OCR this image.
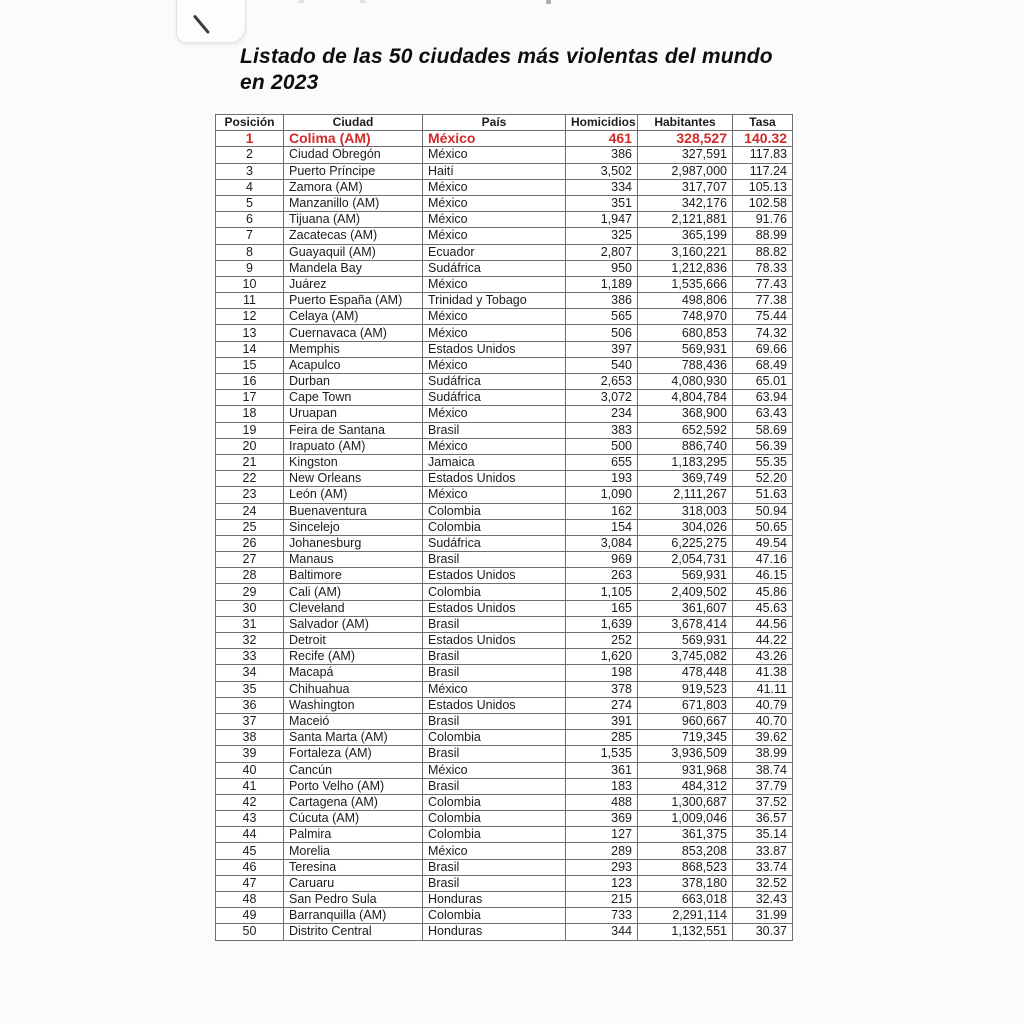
Listado de las 50 ciudades más violentas del mundo
en 2023
Posición	Ciudad	País	Homicidios	Habitantes	Tasa
1	Colima (AM)	México	461	328,527	140.32
2	Ciudad Obregón	México	386	327,591	117.83
3	Puerto Príncipe	Haití	3,502	2,987,000	117.24
4	Zamora (AM)	México	334	317,707	105.13
5	Manzanillo (AM)	México	351	342,176	102.58
6	Tijuana (AM)	México	1,947	2,121,881	91.76
7	Zacatecas (AM)	México	325	365,199	88.99
8	Guayaquil (AM)	Ecuador	2,807	3,160,221	88.82
9	Mandela Bay	Sudáfrica	950	1,212,836	78.33
10	Juárez	México	1,189	1,535,666	77.43
11	Puerto España (AM)	Trinidad y Tobago	386	498,806	77.38
12	Celaya (AM)	México	565	748,970	75.44
13	Cuernavaca (AM)	México	506	680,853	74.32
14	Memphis	Estados Unidos	397	569,931	69.66
15	Acapulco	México	540	788,436	68.49
16	Durban	Sudáfrica	2,653	4,080,930	65.01
17	Cape Town	Sudáfrica	3,072	4,804,784	63.94
18	Uruapan	México	234	368,900	63.43
19	Feira de Santana	Brasil	383	652,592	58.69
20	Irapuato (AM)	México	500	886,740	56.39
21	Kingston	Jamaica	655	1,183,295	55.35
22	New Orleans	Estados Unidos	193	369,749	52.20
23	León (AM)	México	1,090	2,111,267	51.63
24	Buenaventura	Colombia	162	318,003	50.94
25	Sincelejo	Colombia	154	304,026	50.65
26	Johanesburg	Sudáfrica	3,084	6,225,275	49.54
27	Manaus	Brasil	969	2,054,731	47.16
28	Baltimore	Estados Unidos	263	569,931	46.15
29	Cali (AM)	Colombia	1,105	2,409,502	45.86
30	Cleveland	Estados Unidos	165	361,607	45.63
31	Salvador (AM)	Brasil	1,639	3,678,414	44.56
32	Detroit	Estados Unidos	252	569,931	44.22
33	Recife (AM)	Brasil	1,620	3,745,082	43.26
34	Macapá	Brasil	198	478,448	41.38
35	Chihuahua	México	378	919,523	41.11
36	Washington	Estados Unidos	274	671,803	40.79
37	Maceió	Brasil	391	960,667	40.70
38	Santa Marta (AM)	Colombia	285	719,345	39.62
39	Fortaleza (AM)	Brasil	1,535	3,936,509	38.99
40	Cancún	México	361	931,968	38.74
41	Porto Velho (AM)	Brasil	183	484,312	37.79
42	Cartagena (AM)	Colombia	488	1,300,687	37.52
43	Cúcuta (AM)	Colombia	369	1,009,046	36.57
44	Palmira	Colombia	127	361,375	35.14
45	Morelia	México	289	853,208	33.87
46	Teresina	Brasil	293	868,523	33.74
47	Caruaru	Brasil	123	378,180	32.52
48	San Pedro Sula	Honduras	215	663,018	32.43
49	Barranquilla (AM)	Colombia	733	2,291,114	31.99
50	Distrito Central	Honduras	344	1,132,551	30.37
